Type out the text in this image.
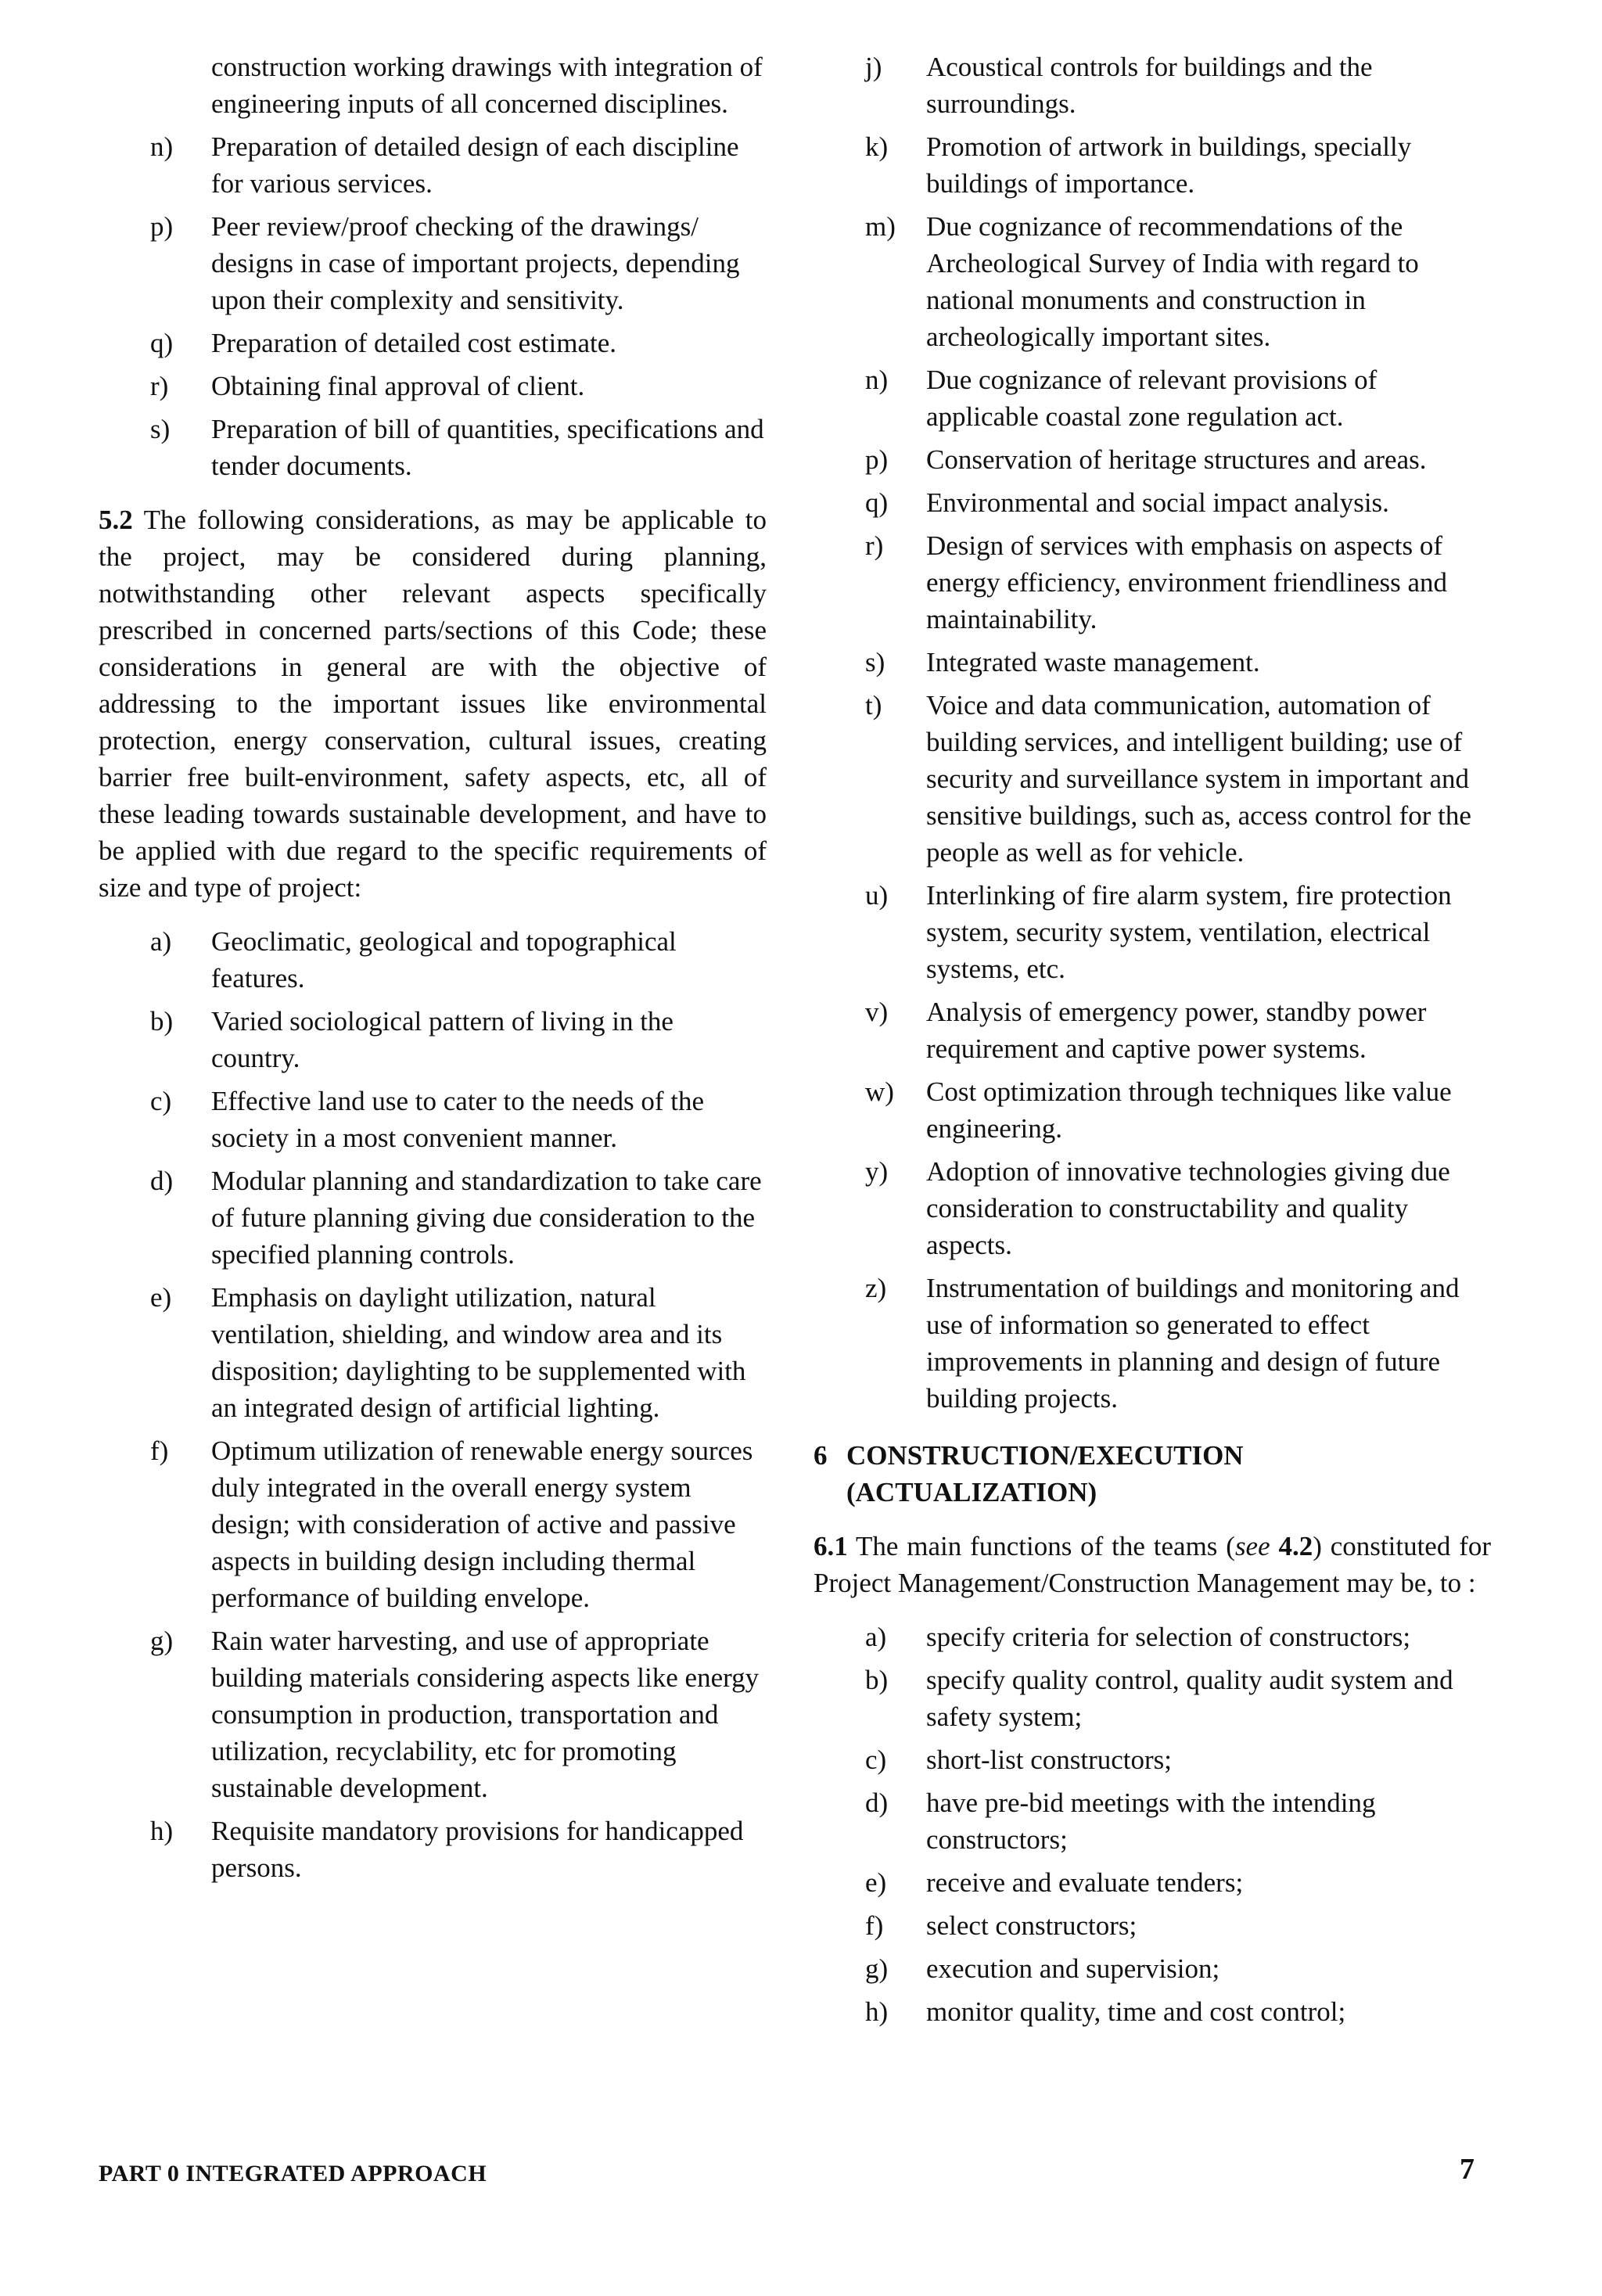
construction working drawings with integration of engineering inputs of all concerned disciplines.
n)	Preparation of detailed design of each discipline for various services.
p)	Peer review/proof checking of the drawings/ designs in case of important projects, depending upon their complexity and sensitivity.
q)	Preparation of detailed cost estimate.
r)	Obtaining final approval of client.
s)	Preparation of bill of quantities, specifications and tender documents.
5.2 The following considerations, as may be applicable to the project, may be considered during planning, notwithstanding other relevant aspects specifically prescribed in concerned parts/sections of this Code; these considerations in general are with the objective of addressing to the important issues like environmental protection, energy conservation, cultural issues, creating barrier free built-environment, safety aspects, etc, all of these leading towards sustainable development, and have to be applied with due regard to the specific requirements of size and type of project:
a)	Geoclimatic, geological and topographical features.
b)	Varied sociological pattern of living in the country.
c)	Effective land use to cater to the needs of the society in a most convenient manner.
d)	Modular planning and standardization to take care of future planning giving due consideration to the specified planning controls.
e)	Emphasis on daylight utilization, natural ventilation, shielding, and window area and its disposition; daylighting to be supplemented with an integrated design of artificial lighting.
f)	Optimum utilization of renewable energy sources duly integrated in the overall energy system design; with consideration of active and passive aspects in building design including thermal performance of building envelope.
g)	Rain water harvesting, and use of appropriate building materials considering aspects like energy consumption in production, transportation and utilization, recyclability, etc for promoting sustainable development.
h)	Requisite mandatory provisions for handicapped persons.
j)	Acoustical controls for buildings and the surroundings.
k)	Promotion of artwork in buildings, specially buildings of importance.
m)	Due cognizance of recommendations of the Archeological Survey of India with regard to national monuments and construction in archeologically important sites.
n)	Due cognizance of relevant provisions of applicable coastal zone regulation act.
p)	Conservation of heritage structures and areas.
q)	Environmental and social impact analysis.
r)	Design of services with emphasis on aspects of energy efficiency, environment friendliness and maintainability.
s)	Integrated waste management.
t)	Voice and data communication, automation of building services, and intelligent building; use of security and surveillance system in important and sensitive buildings, such as, access control for the people as well as for vehicle.
u)	Interlinking of fire alarm system, fire protection system, security system, ventilation, electrical systems, etc.
v)	Analysis of emergency power, standby power requirement and captive power systems.
w)	Cost optimization through techniques like value engineering.
y)	Adoption of innovative technologies giving due consideration to constructability and quality aspects.
z)	Instrumentation of buildings and monitoring and use of information so generated to effect improvements in planning and design of future building projects.
6 CONSTRUCTION/EXECUTION
(ACTUALIZATION)
6.1 The main functions of the teams (see 4.2) constituted for Project Management/Construction Management may be, to :
a)	specify criteria for selection of constructors;
b)	specify quality control, quality audit system and safety system;
c)	short-list constructors;
d)	have pre-bid meetings with the intending constructors;
e)	receive and evaluate tenders;
f)	select constructors;
g)	execution and supervision;
h)	monitor quality, time and cost control;
PART 0 INTEGRATED APPROACH	7
